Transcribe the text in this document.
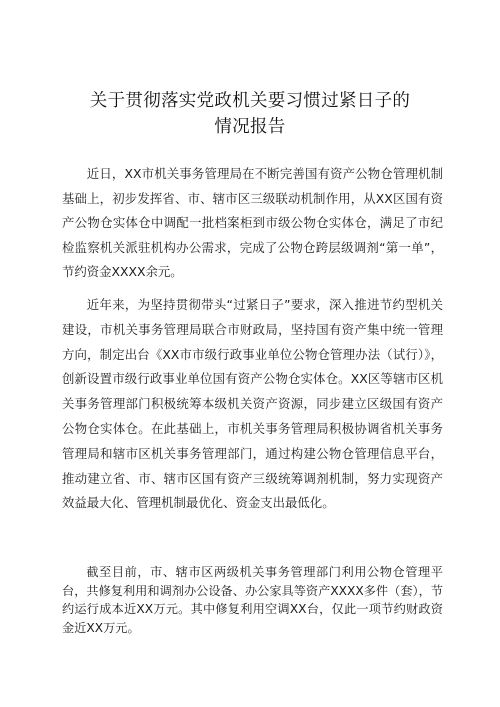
关于贯彻落实党政机关要习惯过紧日子的
情况报告

近日，XX市机关事务管理局在不断完善国有资产公物仓管理机制基础上，初步发挥省、市、辖市区三级联动机制作用，从XX区国有资产公物仓实体仓中调配一批档案柜到市级公物仓实体仓，满足了市纪检监察机关派驻机构办公需求，完成了公物仓跨层级调剂“第一单”，节约资金XXXX余元。

近年来，为坚持贯彻带头“过紧日子”要求，深入推进节约型机关建设，市机关事务管理局联合市财政局，坚持国有资产集中统一管理方向，制定出台《XX市市级行政事业单位公物仓管理办法（试行）》，创新设置市级行政事业单位国有资产公物仓实体仓。XX区等辖市区机关事务管理部门积极统筹本级机关资产资源，同步建立区级国有资产公物仓实体仓。在此基础上，市机关事务管理局积极协调省机关事务管理局和辖市区机关事务管理部门，通过构建公物仓管理信息平台，推动建立省、市、辖市区国有资产三级统筹调剂机制，努力实现资产效益最大化、管理机制最优化、资金支出最低化。

截至目前，市、辖市区两级机关事务管理部门利用公物仓管理平台，共修复利用和调剂办公设备、办公家具等资产XXXX多件（套），节约运行成本近XX万元。其中修复利用空调XX台，仅此一项节约财政资金近XX万元。
